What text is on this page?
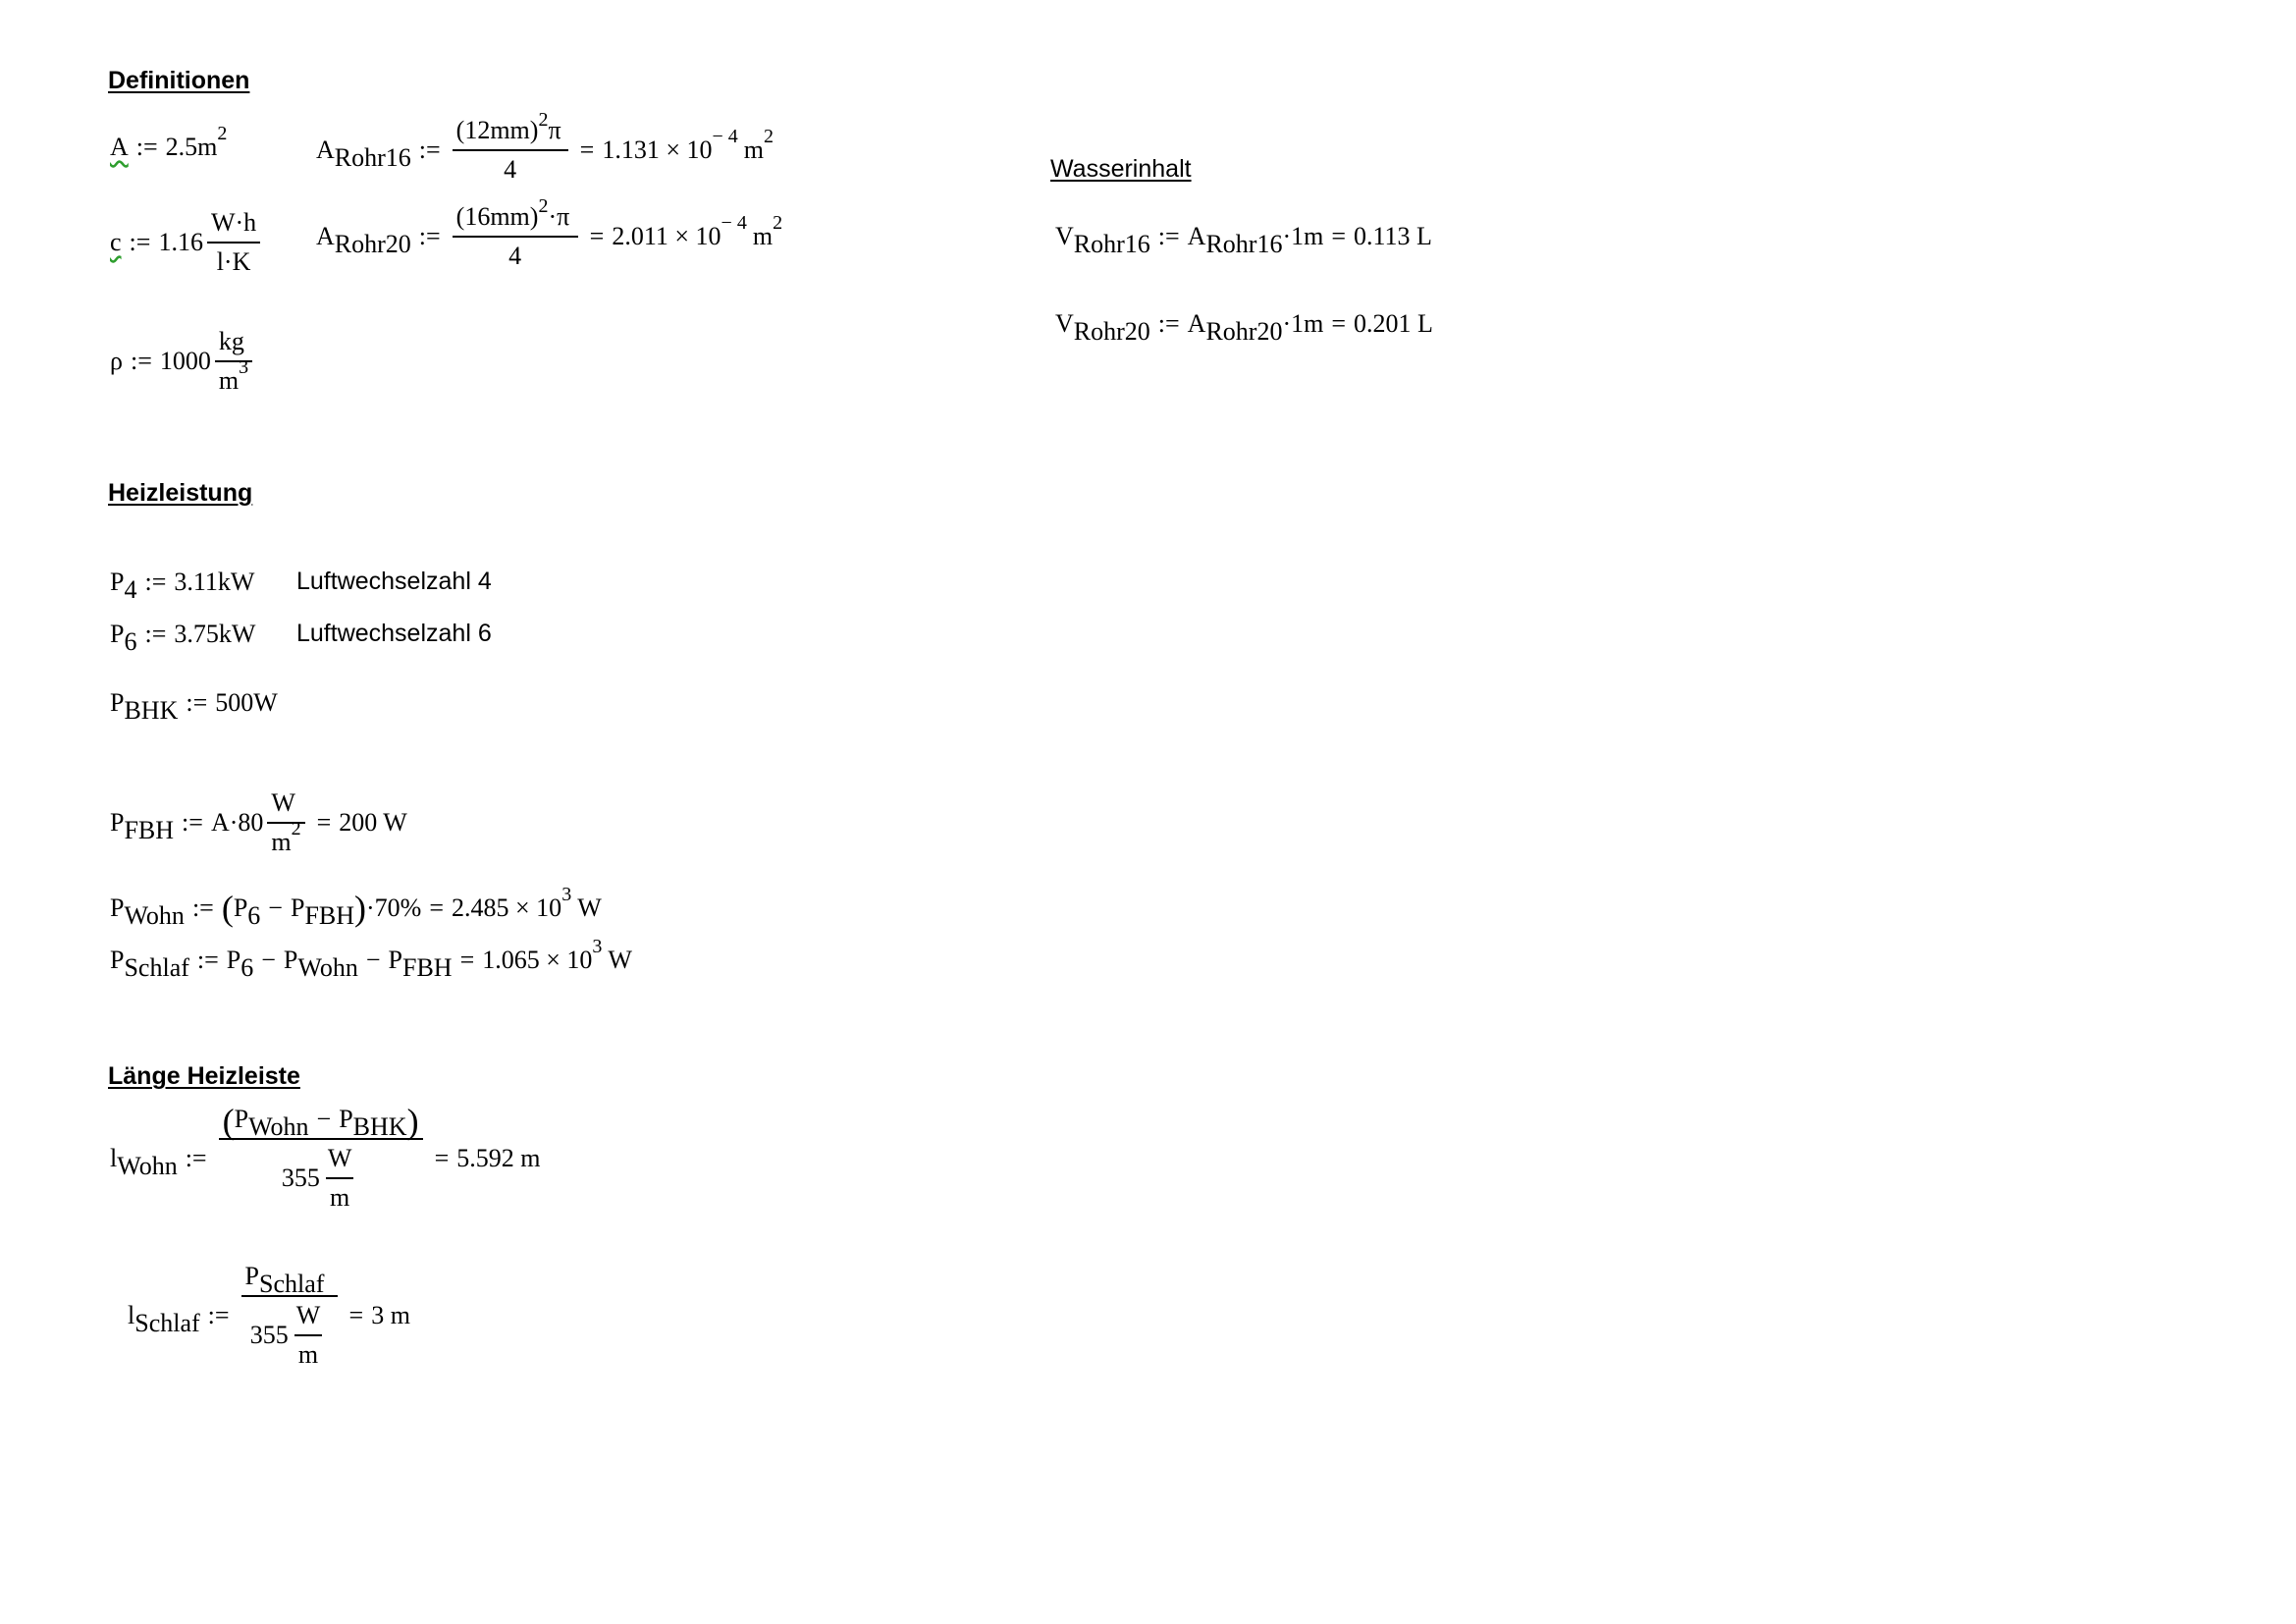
Definitionen
Heizleistung
Länge Heizleiste
Wasserinhalt
A := 2.5m 2
c := $1.16 \frac{W\cdot h}{l\cdot K}$
ρ := $1000 \frac{kg}{m 3}$
A Rohr16 := $\frac{(12mm) 2 \pi}{4} = 1.131 \times 10 - 4$ m 2
A Rohr20 := $\frac{(16mm) 2 \cdot\pi}{4} = 2.011 \times 10 - 4$ m 2	V Rohr16 := A Rohr16 ·1m = 0.113 L
V Rohr20 := A Rohr20 ·1m = 0.201 L
P 4 := 3.11kW Luftwechselzahl 4
P 6 := 3.75kW Luftwechselzahl 6
P BHK := 500W
P FBH := $A\cdot 80 \frac{W}{m 2} = 200$ W
P Wohn := ( P 6 − P FBH ) ·70% = 2.485 × 10 3 W
P Schlaf := P 6 − P Wohn − P FBH = 1.065 × 10 3 W
l Wohn := $\frac{\text{( P Wohn − P BHK )}}{355 \frac{W}{m}} = 5.592$ m
l Schlaf := $\frac{\text{P Schlaf}}{355 \frac{W}{m}} = 3$ m
